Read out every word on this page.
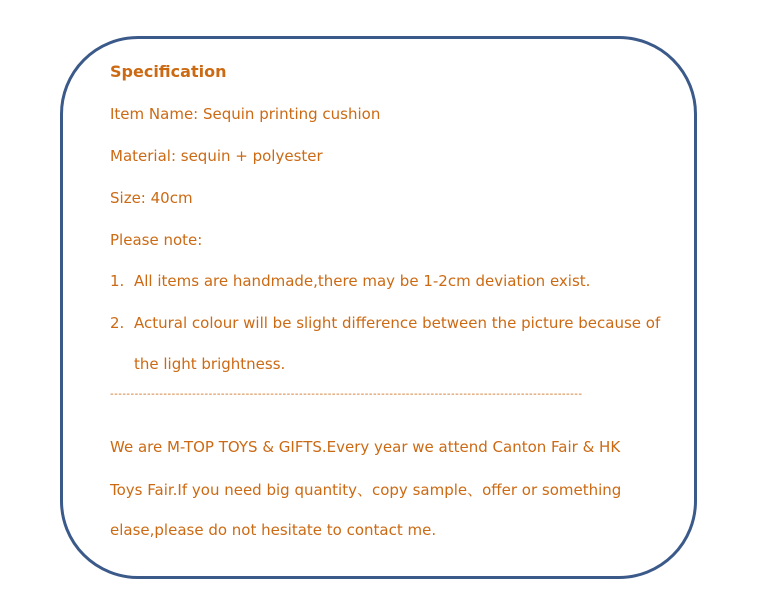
Specification
Item Name: Sequin printing cushion
Material: sequin + polyester
Size: 40cm
Please note:
1. All items are handmade,there may be 1-2cm deviation exist.
2. Actural colour will be slight difference between the picture because of
the light brightness.
-------------------------------------------------------------------------------------------------------------------
We are M-TOP TOYS & GIFTS.Every year we attend Canton Fair & HK
Toys Fair.If you need big quantity、copy sample、offer or something
elase,please do not hesitate to contact me.
